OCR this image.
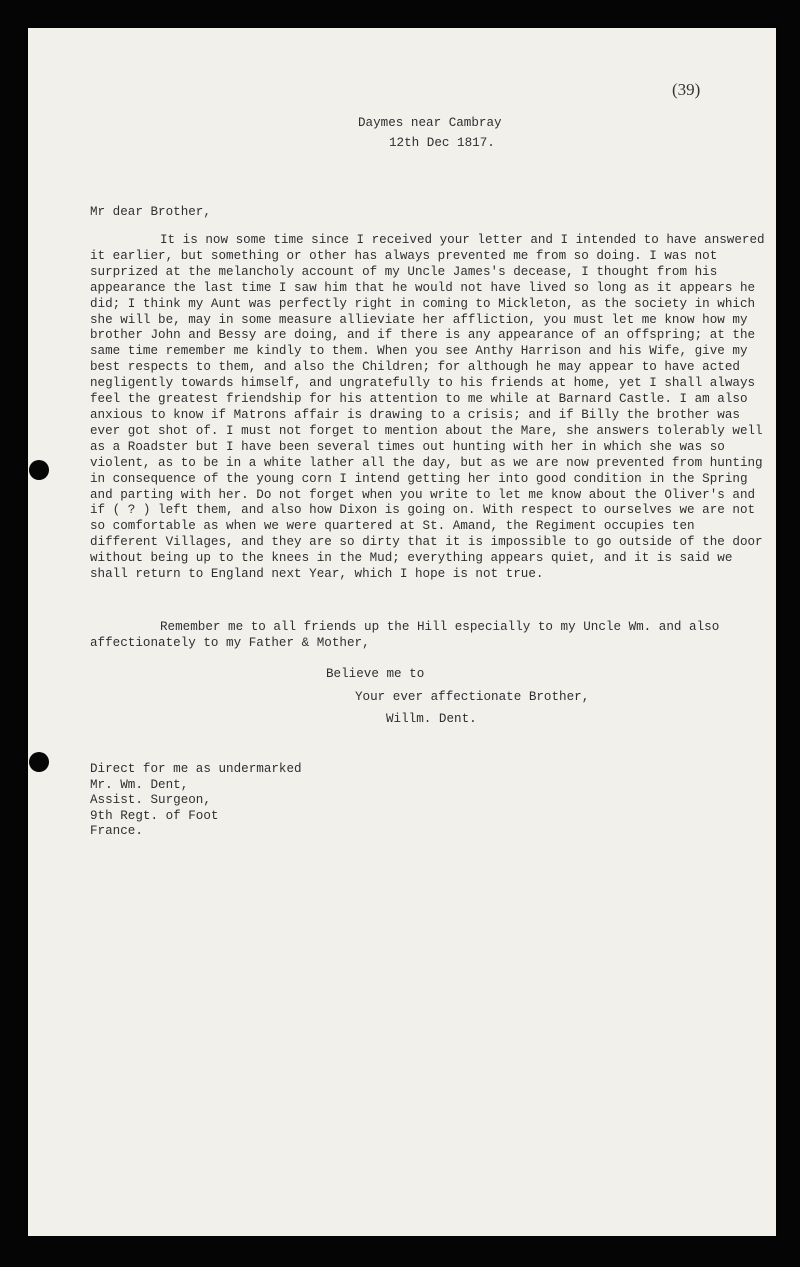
(39)
Daymes near Cambray
12th Dec 1817.
Mr dear Brother,

It is now some time since I received your letter and I intended to have answered it earlier, but something or other has always prevented me from so doing. I was not surprized at the melancholy account of my Uncle James's decease, I thought from his appearance the last time I saw him that he would not have lived so long as it appears he did; I think my Aunt was perfectly right in coming to Mickleton, as the society in which she will be, may in some measure allieviate her affliction, you must let me know how my brother John and Bessy are doing, and if there is any appearance of an offspring; at the same time remember me kindly to them. When you see Anthy Harrison and his Wife, give my best respects to them, and also the Children; for although he may appear to have acted negligently towards himself, and ungratefully to his friends at home, yet I shall always feel the greatest friendship for his attention to me while at Barnard Castle. I am also anxious to know if Matrons affair is drawing to a crisis; and if Billy the brother was ever got shot of. I must not forget to mention about the Mare, she answers tolerably well as a Roadster but I have been several times out hunting with her in which she was so violent, as to be in a white lather all the day, but as we are now prevented from hunting in consequence of the young corn I intend getting her into good condition in the Spring and parting with her. Do not forget when you write to let me know about the Oliver's and if ( ? ) left them, and also how Dixon is going on. With respect to ourselves we are not so comfortable as when we were quartered at St. Amand, the Regiment occupies ten different Villages, and they are so dirty that it is impossible to go outside of the door without being up to the knees in the Mud; everything appears quiet, and it is said we shall return to England next Year, which I hope is not true.

Remember me to all friends up the Hill especially to my Uncle Wm. and also affectionately to my Father & Mother,

Believe me to
Your ever affectionate Brother,
Willm. Dent.
Direct for me as undermarked
Mr. Wm. Dent,
Assist. Surgeon,
9th Regt. of Foot
France.
